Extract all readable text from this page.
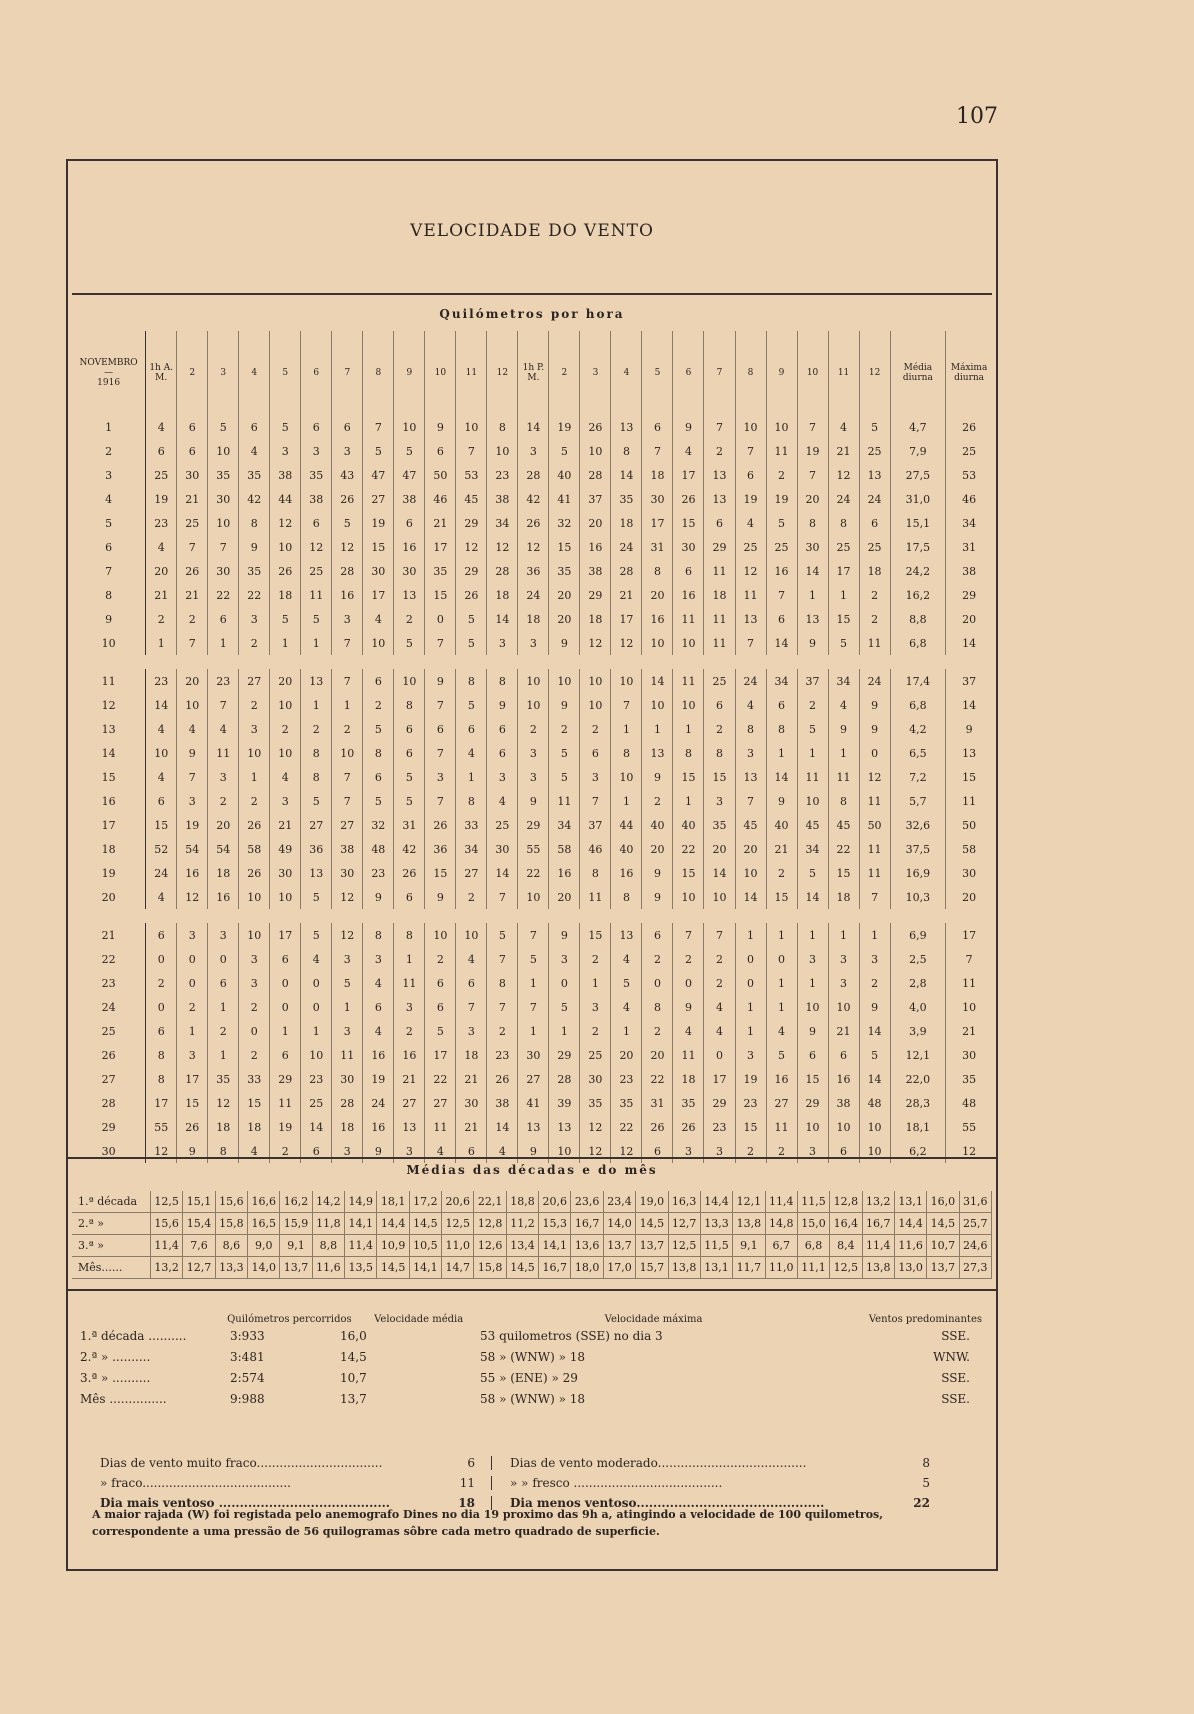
107
VELOCIDADE DO VENTO
Quilómetros por hora
NOVEMBRO
—
1916	1h A. M.	2	3	4	5	6	7	8	9	10	11	12	1h P. M.	2	3	4	5	6	7	8	9	10	11	12	Média diurna	Máxima diurna
1	4	6	5	6	5	6	6	7	10	9	10	8	14	19	26	13	6	9	7	10	10	7	4	5	4,7	26
2	6	6	10	4	3	3	3	5	5	6	7	10	3	5	10	8	7	4	2	7	11	19	21	25	7,9	25
3	25	30	35	35	38	35	43	47	47	50	53	23	28	40	28	14	18	17	13	6	2	7	12	13	27,5	53
4	19	21	30	42	44	38	26	27	38	46	45	38	42	41	37	35	30	26	13	19	19	20	24	24	31,0	46
5	23	25	10	8	12	6	5	19	6	21	29	34	26	32	20	18	17	15	6	4	5	8	8	6	15,1	34
6	4	7	7	9	10	12	12	15	16	17	12	12	12	15	16	24	31	30	29	25	25	30	25	25	17,5	31
7	20	26	30	35	26	25	28	30	30	35	29	28	36	35	38	28	8	6	11	12	16	14	17	18	24,2	38
8	21	21	22	22	18	11	16	17	13	15	26	18	24	20	29	21	20	16	18	11	7	1	1	2	16,2	29
9	2	2	6	3	5	5	3	4	2	0	5	14	18	20	18	17	16	11	11	13	6	13	15	2	8,8	20
10	1	7	1	2	1	1	7	10	5	7	5	3	3	9	12	12	10	10	11	7	14	9	5	11	6,8	14

11	23	20	23	27	20	13	7	6	10	9	8	8	10	10	10	10	14	11	25	24	34	37	34	24	17,4	37
12	14	10	7	2	10	1	1	2	8	7	5	9	10	9	10	7	10	10	6	4	6	2	4	9	6,8	14
13	4	4	4	3	2	2	2	5	6	6	6	6	2	2	2	1	1	1	2	8	8	5	9	9	4,2	9
14	10	9	11	10	10	8	10	8	6	7	4	6	3	5	6	8	13	8	8	3	1	1	1	0	6,5	13
15	4	7	3	1	4	8	7	6	5	3	1	3	3	5	3	10	9	15	15	13	14	11	11	12	7,2	15
16	6	3	2	2	3	5	7	5	5	7	8	4	9	11	7	1	2	1	3	7	9	10	8	11	5,7	11
17	15	19	20	26	21	27	27	32	31	26	33	25	29	34	37	44	40	40	35	45	40	45	45	50	32,6	50
18	52	54	54	58	49	36	38	48	42	36	34	30	55	58	46	40	20	22	20	20	21	34	22	11	37,5	58
19	24	16	18	26	30	13	30	23	26	15	27	14	22	16	8	16	9	15	14	10	2	5	15	11	16,9	30
20	4	12	16	10	10	5	12	9	6	9	2	7	10	20	11	8	9	10	10	14	15	14	18	7	10,3	20

21	6	3	3	10	17	5	12	8	8	10	10	5	7	9	15	13	6	7	7	1	1	1	1	1	6,9	17
22	0	0	0	3	6	4	3	3	1	2	4	7	5	3	2	4	2	2	2	0	0	3	3	3	2,5	7
23	2	0	6	3	0	0	5	4	11	6	6	8	1	0	1	5	0	0	2	0	1	1	3	2	2,8	11
24	0	2	1	2	0	0	1	6	3	6	7	7	7	5	3	4	8	9	4	1	1	10	10	9	4,0	10
25	6	1	2	0	1	1	3	4	2	5	3	2	1	1	2	1	2	4	4	1	4	9	21	14	3,9	21
26	8	3	1	2	6	10	11	16	16	17	18	23	30	29	25	20	20	11	0	3	5	6	6	5	12,1	30
27	8	17	35	33	29	23	30	19	21	22	21	26	27	28	30	23	22	18	17	19	16	15	16	14	22,0	35
28	17	15	12	15	11	25	28	24	27	27	30	38	41	39	35	35	31	35	29	23	27	29	38	48	28,3	48
29	55	26	18	18	19	14	18	16	13	11	21	14	13	13	12	22	26	26	23	15	11	10	10	10	18,1	55
30	12	9	8	4	2	6	3	9	3	4	6	4	9	10	12	12	6	3	3	2	2	3	6	10	6,2	12
Médias das décadas e do mês
1.ª década	12,5	15,1	15,6	16,6	16,2	14,2	14,9	18,1	17,2	20,6	22,1	18,8	20,6	23,6	23,4	19,0	16,3	14,4	12,1	11,4	11,5	12,8	13,2	13,1	16,0	31,6
2.ª »	15,6	15,4	15,8	16,5	15,9	11,8	14,1	14,4	14,5	12,5	12,8	11,2	15,3	16,7	14,0	14,5	12,7	13,3	13,8	14,8	15,0	16,4	16,7	14,4	14,5	25,7
3.ª »	11,4	7,6	8,6	9,0	9,1	8,8	11,4	10,9	10,5	11,0	12,6	13,4	14,1	13,6	13,7	13,7	12,5	11,5	9,1	6,7	6,8	8,4	11,4	11,6	10,7	24,6
Mês......	13,2	12,7	13,3	14,0	13,7	11,6	13,5	14,5	14,1	14,7	15,8	14,5	16,7	18,0	17,0	15,7	13,8	13,1	11,7	11,0	11,1	12,5	13,8	13,0	13,7	27,3
Quilómetros percorridos	Velocidade média	Velocidade máxima	Ventos predominantes
1.ª década ..........	3:933	16,0	53 quilometros (SSE) no dia 3	SSE.
2.ª » ..........	3:481	14,5	58 » (WNW) » 18	WNW.
3.ª » ..........	2:574	10,7	55 » (ENE) » 29	SSE.
Mês ...............	9:988	13,7	58 » (WNW) » 18	SSE.
Dias de vento muito fraco.................................	6	Dias de vento moderado.......................................	8
» fraco.......................................	11	» » fresco .......................................	5
Dia mais ventoso .........................................	18	Dia menos ventoso.............................................	22
A maior rajada (W) foi registada pelo anemografo Dines no dia 19 proximo das 9h a, atingindo a velocidade de 100 quilometros, correspondente a uma pressão de 56 quilogramas sôbre cada metro quadrado de superficie.
